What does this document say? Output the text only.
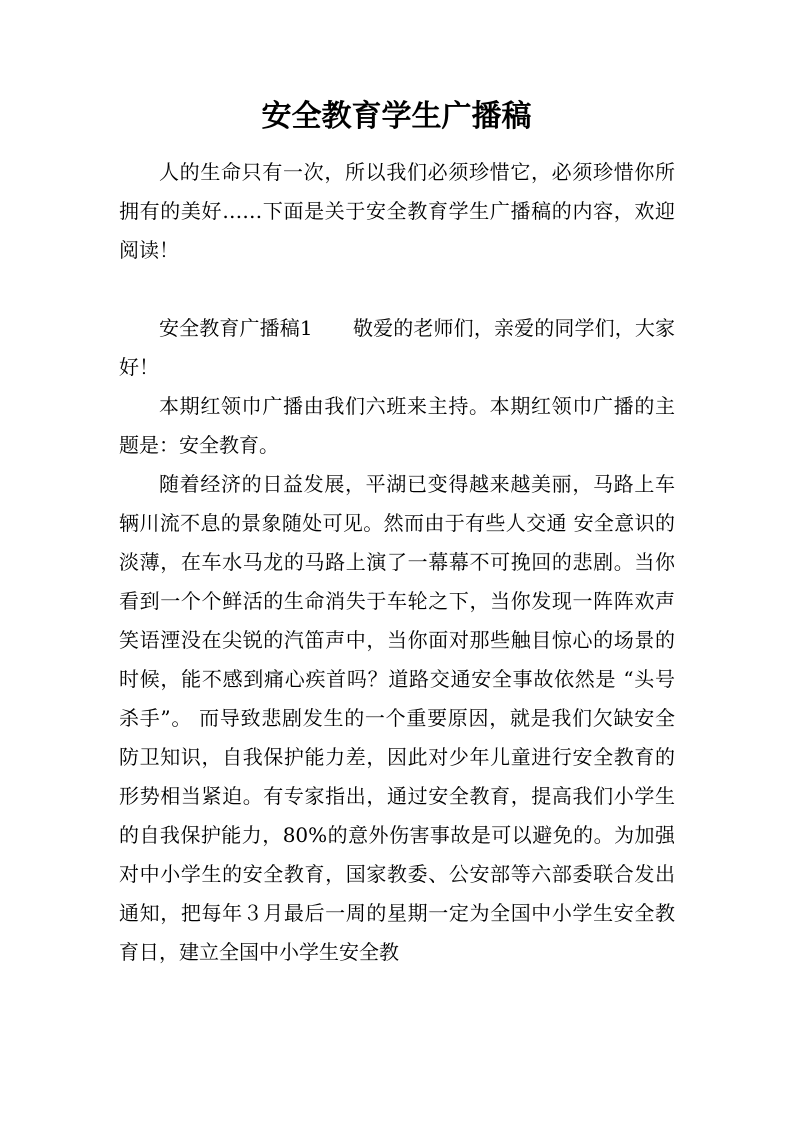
安全教育学生广播稿

人的生命只有一次，所以我们必须珍惜它，必须珍惜你所拥有的美好……下面是关于安全教育学生广播稿的内容，欢迎阅读！

安全教育广播稿1　　敬爱的老师们，亲爱的同学们，大家好！

本期红领巾广播由我们六班来主持。本期红领巾广播的主题是：安全教育。

随着经济的日益发展，平湖已变得越来越美丽，马路上车辆川流不息的景象随处可见。然而由于有些人交通 安全意识的淡薄，在车水马龙的马路上演了一幕幕不可挽回的悲剧。当你看到一个个鲜活的生命消失于车轮之下，当你发现一阵阵欢声笑语湮没在尖锐的汽笛声中，当你面对那些触目惊心的场景的时候，能不感到痛心疾首吗？道路交通安全事故依然是 “头号杀手”。 而导致悲剧发生的一个重要原因，就是我们欠缺安全防卫知识，自我保护能力差，因此对少年儿童进行安全教育的形势相当紧迫。有专家指出，通过安全教育，提高我们小学生的自我保护能力，80%的意外伤害事故是可以避免的。为加强对中小学生的安全教育，国家教委、公安部等六部委联合发出通知，把每年３月最后一周的星期一定为全国中小学生安全教育日，建立全国中小学生安全教
